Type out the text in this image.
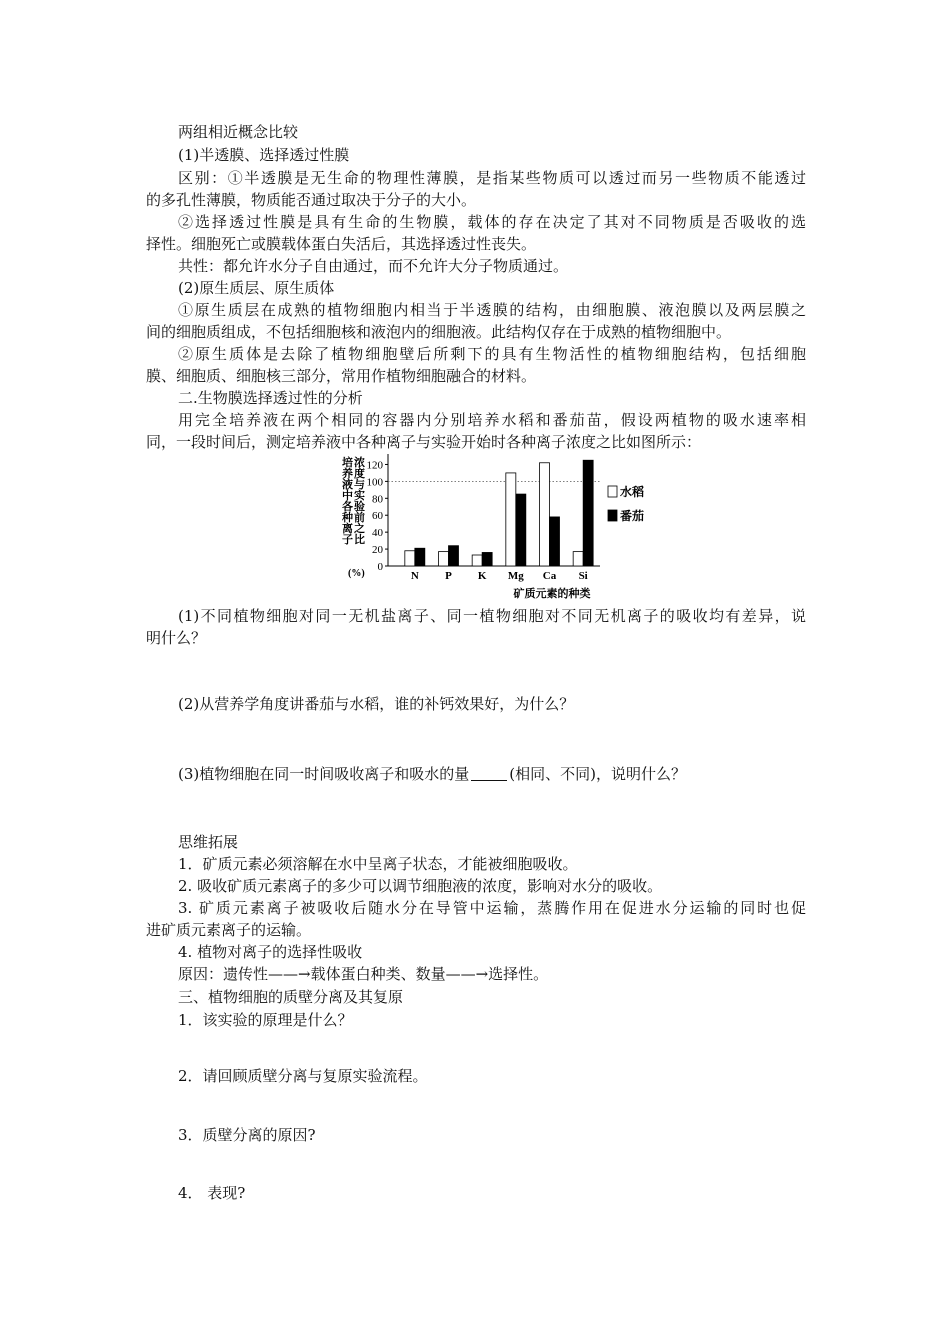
两组相近概念比较
(1)半透膜、选择透过性膜
区别：①半透膜是无生命的物理性薄膜，是指某些物质可以透过而另一些物质不能透过
的多孔性薄膜，物质能否通过取决于分子的大小。
②选择透过性膜是具有生命的生物膜，载体的存在决定了其对不同物质是否吸收的选
择性。细胞死亡或膜载体蛋白失活后，其选择透过性丧失。
共性：都允许水分子自由通过，而不允许大分子物质通过。
(2)原生质层、原生质体
①原生质层在成熟的植物细胞内相当于半透膜的结构，由细胞膜、液泡膜以及两层膜之
间的细胞质组成，不包括细胞核和液泡内的细胞液。此结构仅存在于成熟的植物细胞中。
②原生质体是去除了植物细胞壁后所剩下的具有生物活性的植物细胞结构，包括细胞
膜、细胞质、细胞核三部分，常用作植物细胞融合的材料。
二.生物膜选择透过性的分析
用完全培养液在两个相同的容器内分别培养水稻和番茄苗，假设两植物的吸水速率相
同，一段时间后，测定培养液中各种离子与实验开始时各种离子浓度之比如图所示：
培养液中各种离子
浓度与实验前之比
(%)
0
20
40
60
80
100
120
N P K Mg Ca Si
水稻
番茄
矿质元素的种类
(1)不同植物细胞对同一无机盐离子、同一植物细胞对不同无机离子的吸收均有差异，说
明什么？
(2)从营养学角度讲番茄与水稻，谁的补钙效果好，为什么？
(3)植物细胞在同一时间吸收离子和吸水的量	(相同、不同)，说明什么？
思维拓展
1．矿质元素必须溶解在水中呈离子状态，才能被细胞吸收。
2. 吸收矿质元素离子的多少可以调节细胞液的浓度，影响对水分的吸收。
3. 矿质元素离子被吸收后随水分在导管中运输，蒸腾作用在促进水分运输的同时也促
进矿质元素离子的运输。
4. 植物对离子的选择性吸收
原因：遗传性——→载体蛋白种类、数量——→选择性。
三、植物细胞的质壁分离及其复原
1．该实验的原理是什么？
2．请回顾质壁分离与复原实验流程。
3．质壁分离的原因?
4． 表现?
